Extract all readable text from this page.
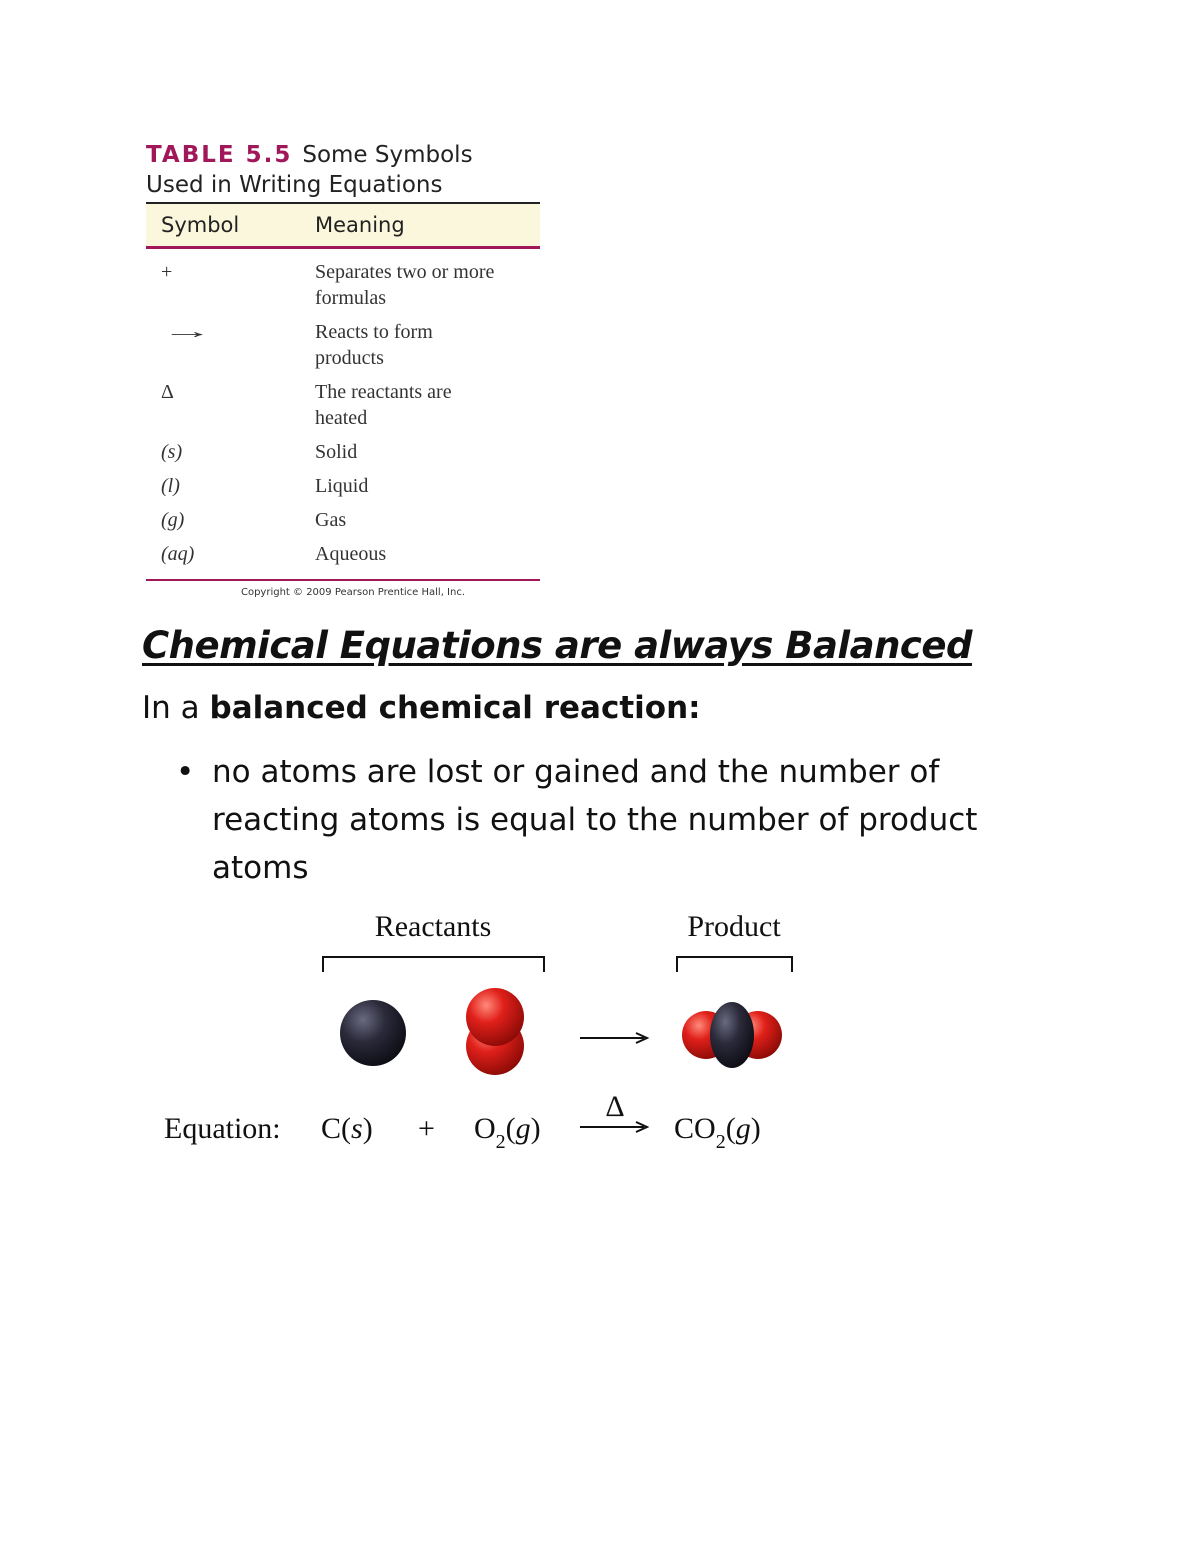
TABLE 5.5 Some Symbols
Used in Writing Equations
Symbol	Meaning
+	Separates two or more formulas
→	Reacts to form products
Δ	The reactants are heated
(s)	Solid
(l)	Liquid
(g)	Gas
(aq)	Aqueous
Copyright © 2009 Pearson Prentice Hall, Inc.
Chemical Equations are always Balanced

In a balanced chemical reaction:

• no atoms are lost or gained and the number of reacting atoms is equal to the number of product atoms
Reactants	Product
Equation: $C(s) + O_2(g)$
Δ
$CO_2(g)$
